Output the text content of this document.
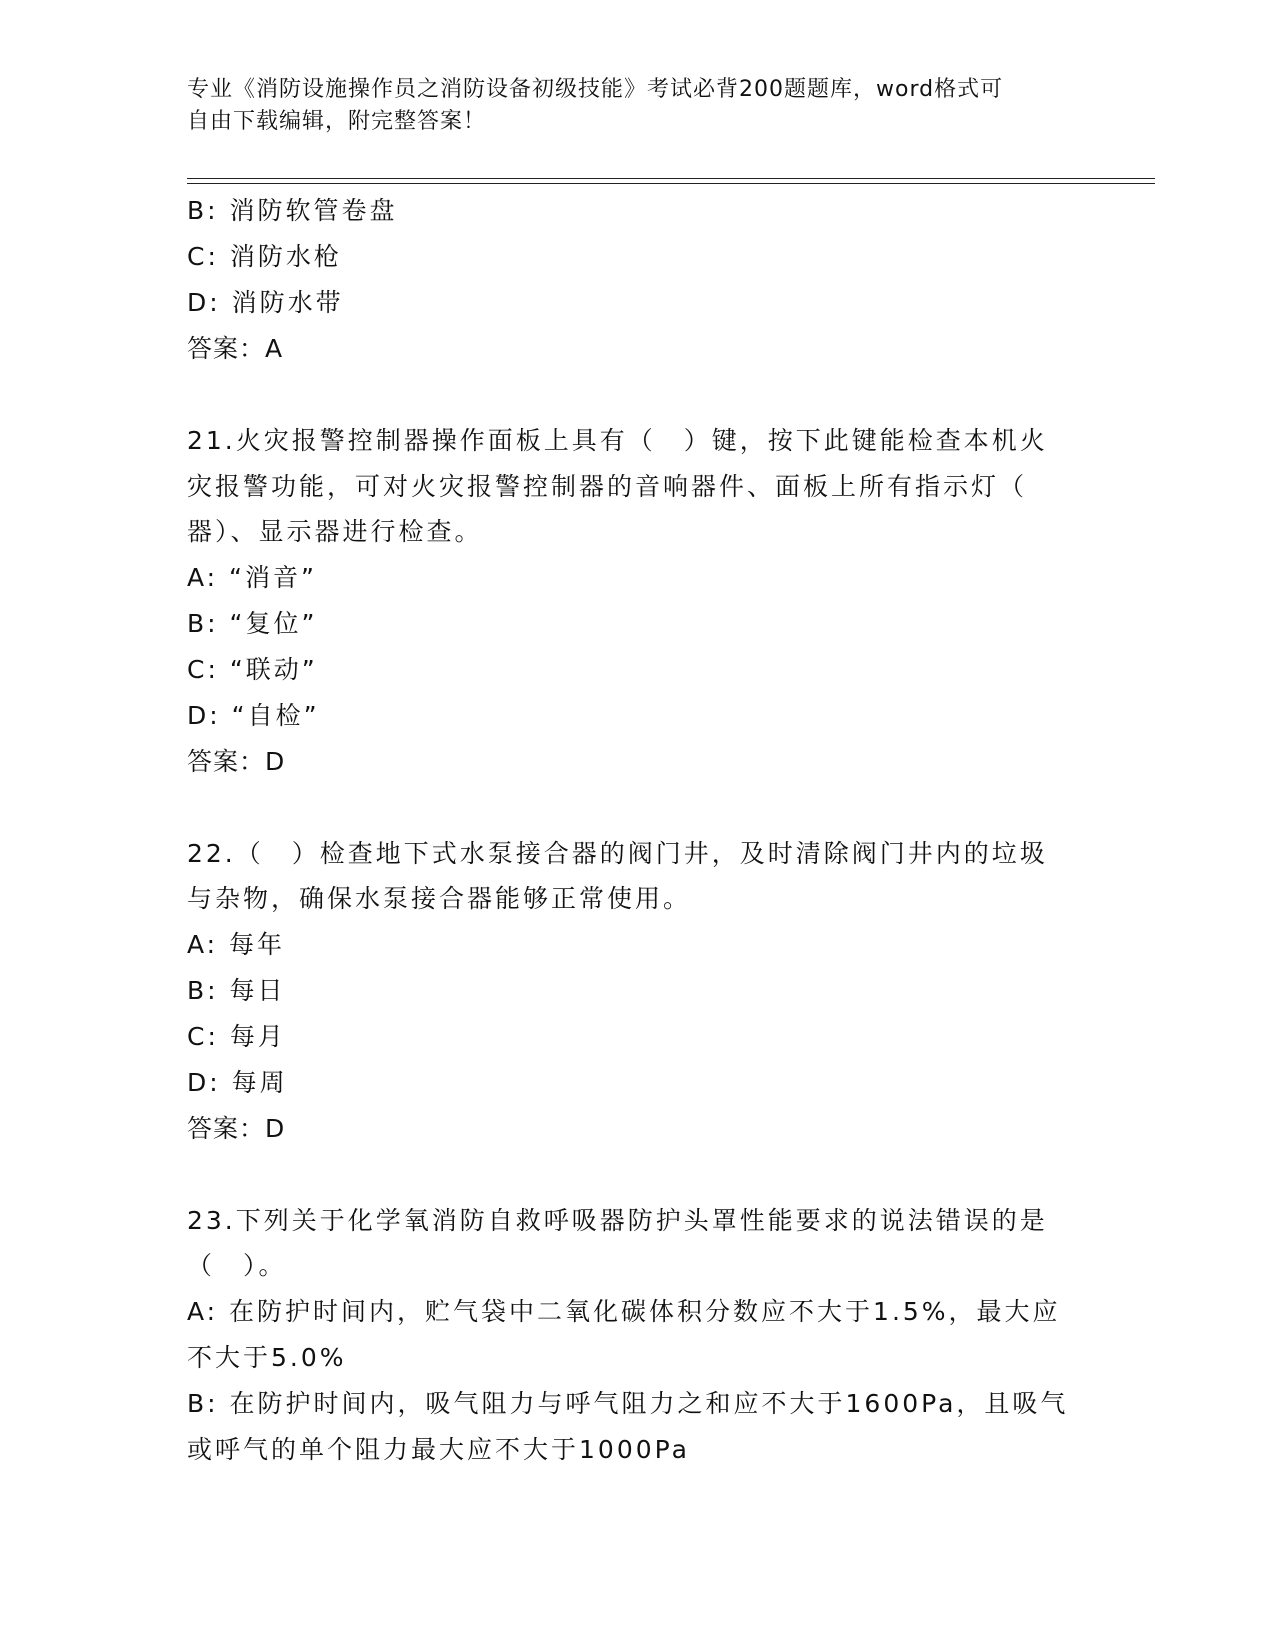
专业《消防设施操作员之消防设备初级技能》考试必背200题题库，word格式可
自由下载编辑，附完整答案！
B: 消防软管卷盘
C: 消防水枪
D: 消防水带
答案：A
21.火灾报警控制器操作面板上具有（　）键，按下此键能检查本机火
灾报警功能，可对火灾报警控制器的音响器件、面板上所有指示灯（
器）、显示器进行检查。
A: “消音”
B: “复位”
C: “联动”
D: “自检”
答案：D
22.（　）检查地下式水泵接合器的阀门井，及时清除阀门井内的垃圾
与杂物，确保水泵接合器能够正常使用。
A: 每年
B: 每日
C: 每月
D: 每周
答案：D
23.下列关于化学氧消防自救呼吸器防护头罩性能要求的说法错误的是
（　）。
A: 在防护时间内，贮气袋中二氧化碳体积分数应不大于1.5%，最大应
不大于5.0%
B: 在防护时间内，吸气阻力与呼气阻力之和应不大于1600Pa，且吸气
或呼气的单个阻力最大应不大于1000Pa
